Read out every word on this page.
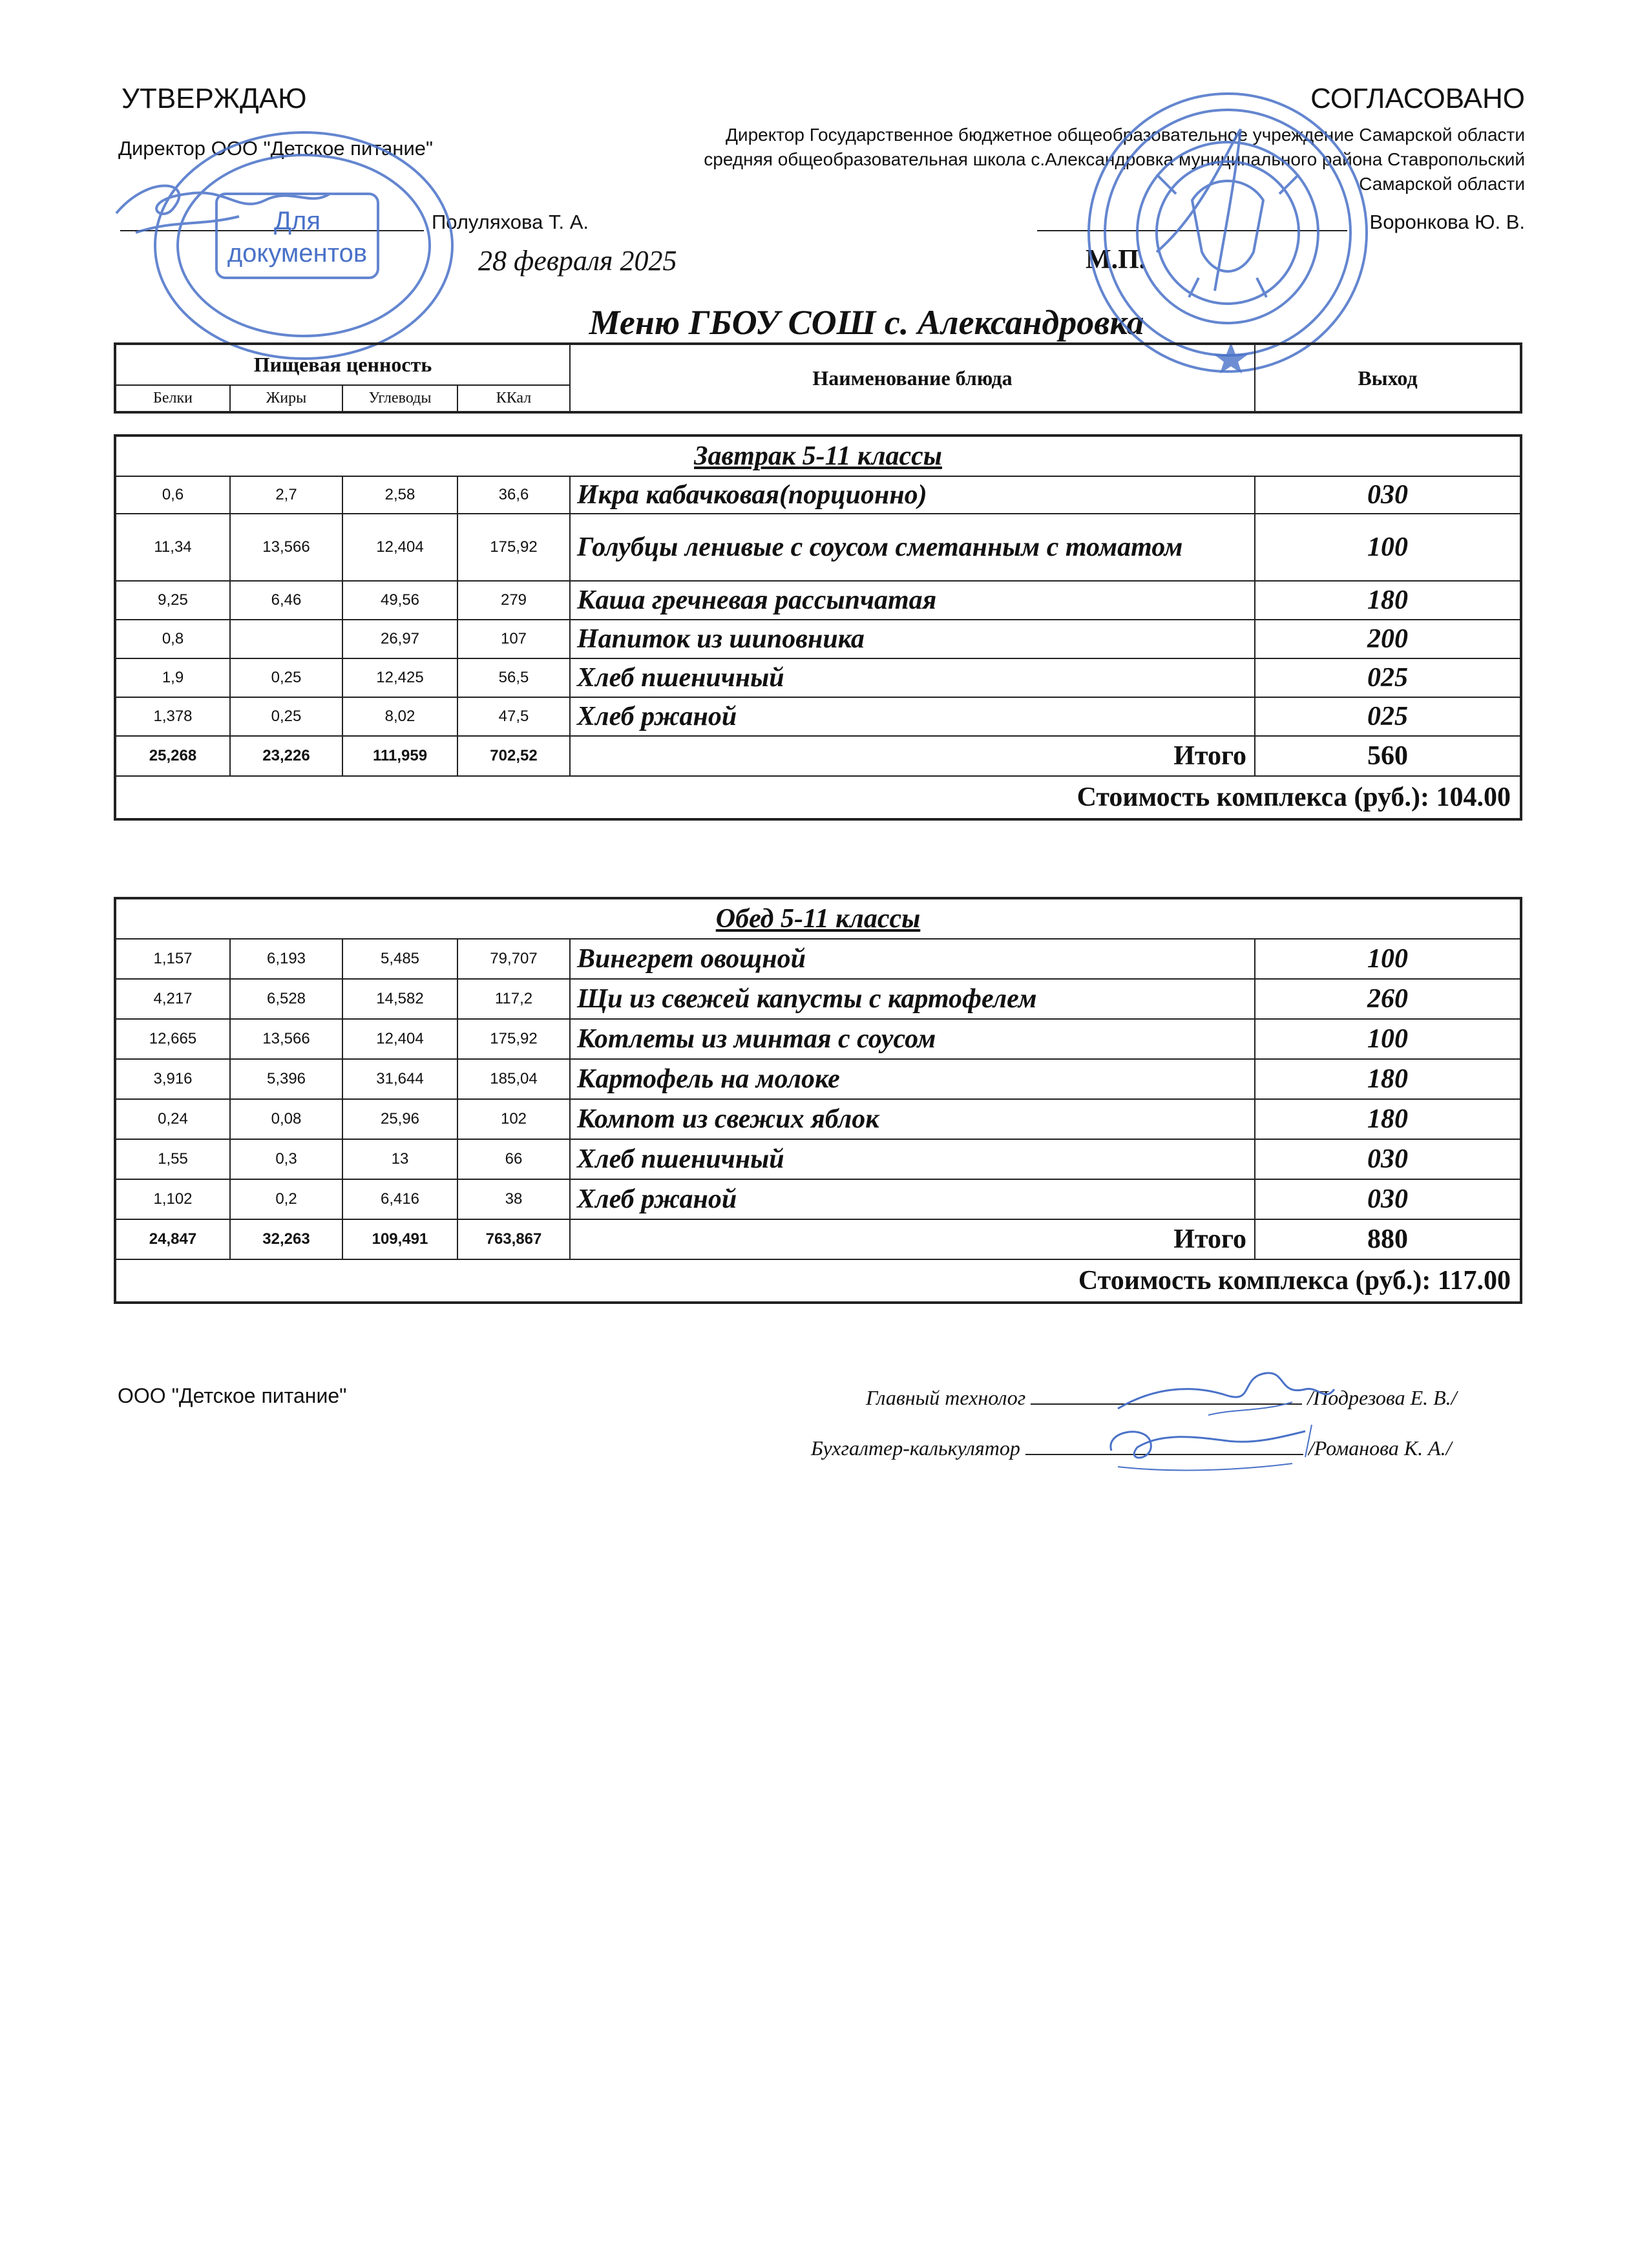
УТВЕРЖДАЮ
Директор ООО "Детское питание"
Полуляхова Т. А.
28 февраля 2025
СОГЛАСОВАНО
Директор Государственное бюджетное общеобразовательное учреждение Самарской области средняя общеобразовательная школа с.Александровка муниципального района Ставропольский Самарской области
Воронкова Ю. В.
М.П.
Меню ГБОУ СОШ с. Александровка
Для
документов
Пищевая ценность				Наименование блюда	Выход
Белки	Жиры	Углеводы	ККал		
Завтрак 5-11 классы					
0,6	2,7	2,58	36,6	Икра кабачковая(порционно)	030
11,34	13,566	12,404	175,92	Голубцы ленивые с соусом сметанным с томатом	100
9,25	6,46	49,56	279	Каша гречневая рассыпчатая	180
0,8		26,97	107	Напиток из шиповника	200
1,9	0,25	12,425	56,5	Хлеб пшеничный	025
1,378	0,25	8,02	47,5	Хлеб ржаной	025
25,268	23,226	111,959	702,52	Итого	560
Стоимость комплекса (руб.): 104.00					
Обед 5-11 классы					
1,157	6,193	5,485	79,707	Винегрет овощной	100
4,217	6,528	14,582	117,2	Щи из свежей капусты с картофелем	260
12,665	13,566	12,404	175,92	Котлеты из минтая с соусом	100
3,916	5,396	31,644	185,04	Картофель на молоке	180
0,24	0,08	25,96	102	Компот из свежих яблок	180
1,55	0,3	13	66	Хлеб пшеничный	030
1,102	0,2	6,416	38	Хлеб ржаной	030
24,847	32,263	109,491	763,867	Итого	880
Стоимость комплекса (руб.): 117.00					
ООО "Детское питание"	Главный технолог	/Подрезова Е. В./
Бухгалтер-калькулятор	/Романова К. А./
